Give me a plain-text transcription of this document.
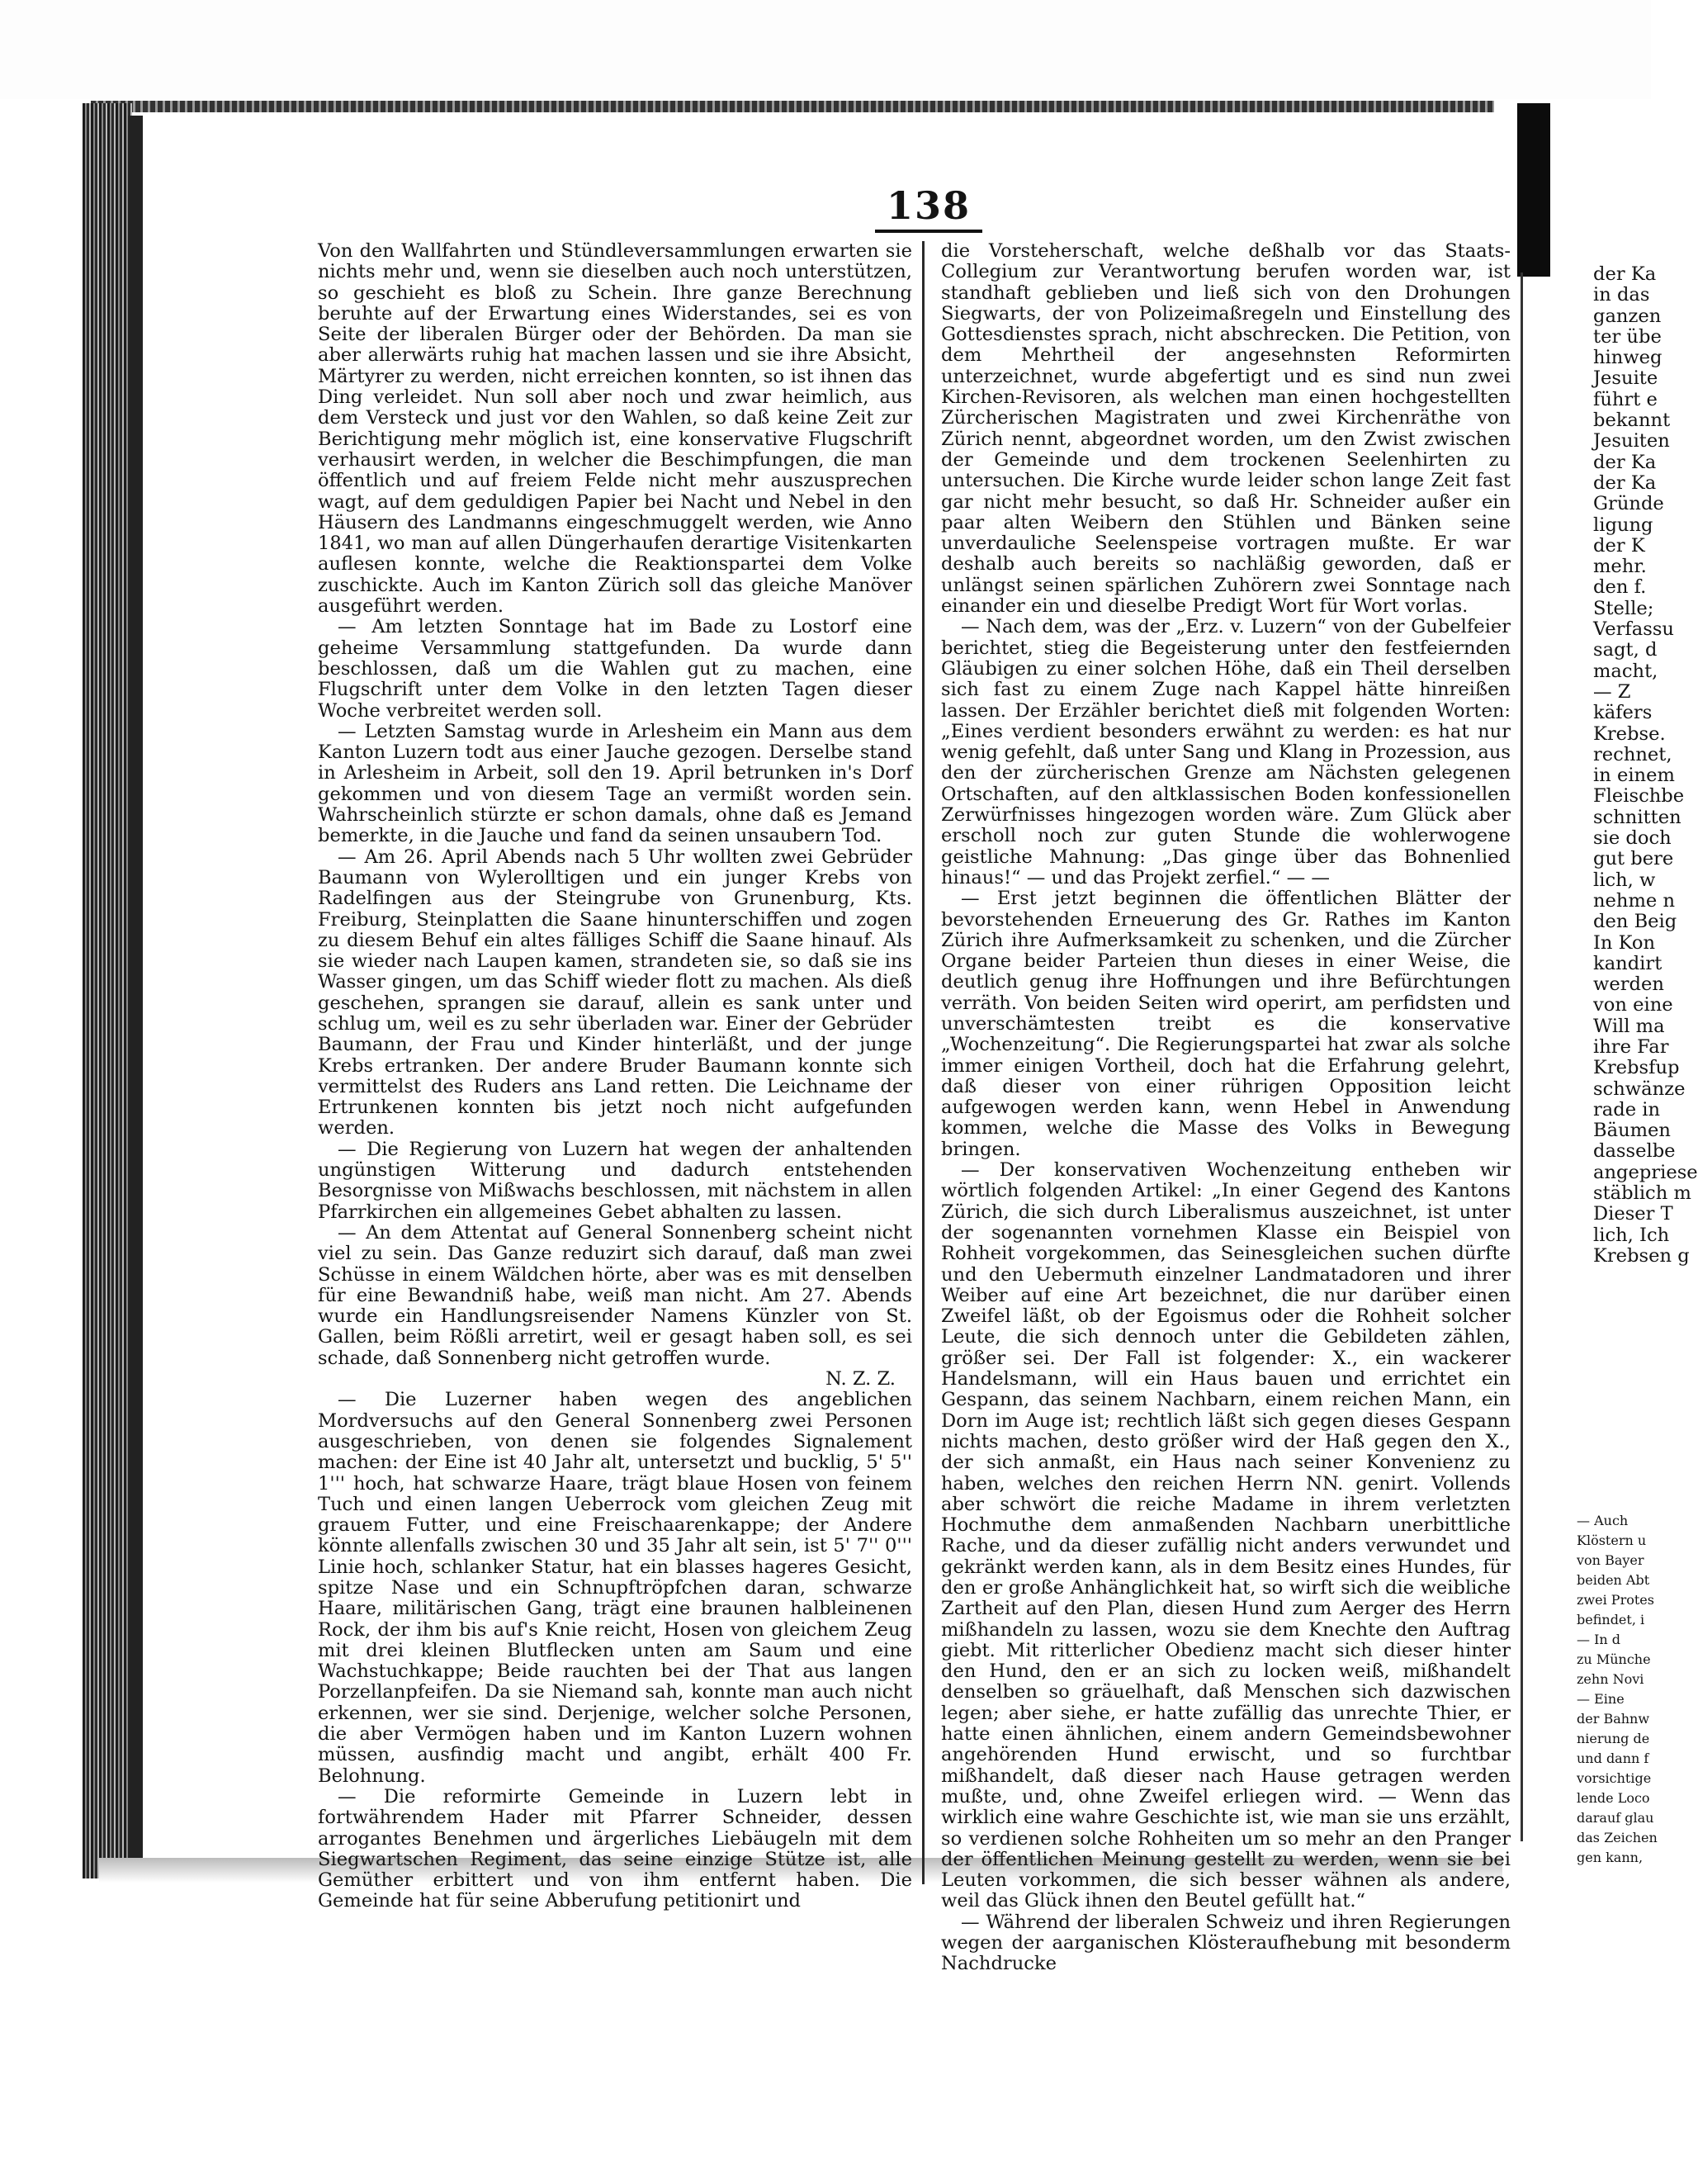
138

Von den Wallfahrten und Stündleversammlungen erwarten sie nichts mehr und, wenn sie dieselben auch noch unterstützen, so geschieht es bloß zu Schein. Ihre ganze Berechnung beruhte auf der Erwartung eines Widerstandes, sei es von Seite der liberalen Bürger oder der Behörden. Da man sie aber allerwärts ruhig hat machen lassen und sie ihre Absicht, Märtyrer zu werden, nicht erreichen konnten, so ist ihnen das Ding verleidet. Nun soll aber noch und zwar heimlich, aus dem Versteck und just vor den Wahlen, so daß keine Zeit zur Berichtigung mehr möglich ist, eine konservative Flugschrift verhausirt werden, in welcher die Beschimpfungen, die man öffentlich und auf freiem Felde nicht mehr auszusprechen wagt, auf dem geduldigen Papier bei Nacht und Nebel in den Häusern des Landmanns eingeschmuggelt werden, wie Anno 1841, wo man auf allen Düngerhaufen derartige Visitenkarten auflesen konnte, welche die Reaktionspartei dem Volke zuschickte. Auch im Kanton Zürich soll das gleiche Manöver ausgeführt werden.

— Am letzten Sonntage hat im Bade zu Lostorf eine geheime Versammlung stattgefunden. Da wurde dann beschlossen, daß um die Wahlen gut zu machen, eine Flugschrift unter dem Volke in den letzten Tagen dieser Woche verbreitet werden soll.

— Letzten Samstag wurde in Arlesheim ein Mann aus dem Kanton Luzern todt aus einer Jauche gezogen. Derselbe stand in Arlesheim in Arbeit, soll den 19. April betrunken in's Dorf gekommen und von diesem Tage an vermißt worden sein. Wahrscheinlich stürzte er schon damals, ohne daß es Jemand bemerkte, in die Jauche und fand da seinen unsaubern Tod.

— Am 26. April Abends nach 5 Uhr wollten zwei Gebrüder Baumann von Wylerolltigen und ein junger Krebs von Radelfingen aus der Steingrube von Grunenburg, Kts. Freiburg, Steinplatten die Saane hinunterschiffen und zogen zu diesem Behuf ein altes fälliges Schiff die Saane hinauf. Als sie wieder nach Laupen kamen, strandeten sie, so daß sie ins Wasser gingen, um das Schiff wieder flott zu machen. Als dieß geschehen, sprangen sie darauf, allein es sank unter und schlug um, weil es zu sehr überladen war. Einer der Gebrüder Baumann, der Frau und Kinder hinterläßt, und der junge Krebs ertranken. Der andere Bruder Baumann konnte sich vermittelst des Ruders ans Land retten. Die Leichname der Ertrunkenen konnten bis jetzt noch nicht aufgefunden werden.

— Die Regierung von Luzern hat wegen der anhaltenden ungünstigen Witterung und dadurch entstehenden Besorgnisse von Mißwachs beschlossen, mit nächstem in allen Pfarrkirchen ein allgemeines Gebet abhalten zu lassen.

— An dem Attentat auf General Sonnenberg scheint nicht viel zu sein. Das Ganze reduzirt sich darauf, daß man zwei Schüsse in einem Wäldchen hörte, aber was es mit denselben für eine Bewandniß habe, weiß man nicht. Am 27. Abends wurde ein Handlungsreisender Namens Künzler von St. Gallen, beim Rößli arretirt, weil er gesagt haben soll, es sei schade, daß Sonnenberg nicht getroffen wurde.

N. Z. Z.

— Die Luzerner haben wegen des angeblichen Mordversuchs auf den General Sonnenberg zwei Personen ausgeschrieben, von denen sie folgendes Signalement machen: der Eine ist 40 Jahr alt, untersetzt und bucklig, 5' 5'' 1''' hoch, hat schwarze Haare, trägt blaue Hosen von feinem Tuch und einen langen Ueberrock vom gleichen Zeug mit grauem Futter, und eine Freischaarenkappe; der Andere könnte allenfalls zwischen 30 und 35 Jahr alt sein, ist 5' 7'' 0''' Linie hoch, schlanker Statur, hat ein blasses hageres Gesicht, spitze Nase und ein Schnupftröpfchen daran, schwarze Haare, militärischen Gang, trägt eine braunen halbleinenen Rock, der ihm bis auf's Knie reicht, Hosen von gleichem Zeug mit drei kleinen Blutflecken unten am Saum und eine Wachstuchkappe; Beide rauchten bei der That aus langen Porzellanpfeifen. Da sie Niemand sah, konnte man auch nicht erkennen, wer sie sind. Derjenige, welcher solche Personen, die aber Vermögen haben und im Kanton Luzern wohnen müssen, ausfindig macht und angibt, erhält 400 Fr. Belohnung.

— Die reformirte Gemeinde in Luzern lebt in fortwährendem Hader mit Pfarrer Schneider, dessen arrogantes Benehmen und ärgerliches Liebäugeln mit dem Siegwartschen Regiment, das seine einzige Stütze ist, alle Gemüther erbittert und von ihm entfernt haben. Die Gemeinde hat für seine Abberufung petitionirt und

die Vorsteherschaft, welche deßhalb vor das Staats-Collegium zur Verantwortung berufen worden war, ist standhaft geblieben und ließ sich von den Drohungen Siegwarts, der von Polizeimaßregeln und Einstellung des Gottesdienstes sprach, nicht abschrecken. Die Petition, von dem Mehrtheil der angesehnsten Reformirten unterzeichnet, wurde abgefertigt und es sind nun zwei Kirchen-Revisoren, als welchen man einen hochgestellten Zürcherischen Magistraten und zwei Kirchenräthe von Zürich nennt, abgeordnet worden, um den Zwist zwischen der Gemeinde und dem trockenen Seelenhirten zu untersuchen. Die Kirche wurde leider schon lange Zeit fast gar nicht mehr besucht, so daß Hr. Schneider außer ein paar alten Weibern den Stühlen und Bänken seine unverdauliche Seelenspeise vortragen mußte. Er war deshalb auch bereits so nachläßig geworden, daß er unlängst seinen spärlichen Zuhörern zwei Sonntage nach einander ein und dieselbe Predigt Wort für Wort vorlas.

— Nach dem, was der „Erz. v. Luzern“ von der Gubelfeier berichtet, stieg die Begeisterung unter den festfeiernden Gläubigen zu einer solchen Höhe, daß ein Theil derselben sich fast zu einem Zuge nach Kappel hätte hinreißen lassen. Der Erzähler berichtet dieß mit folgenden Worten: „Eines verdient besonders erwähnt zu werden: es hat nur wenig gefehlt, daß unter Sang und Klang in Prozession, aus den der zürcherischen Grenze am Nächsten gelegenen Ortschaften, auf den altklassischen Boden konfessionellen Zerwürfnisses hingezogen worden wäre. Zum Glück aber erscholl noch zur guten Stunde die wohlerwogene geistliche Mahnung: „Das ginge über das Bohnenlied hinaus!“ — und das Projekt zerfiel.“ — —

— Erst jetzt beginnen die öffentlichen Blätter der bevorstehenden Erneuerung des Gr. Rathes im Kanton Zürich ihre Aufmerksamkeit zu schenken, und die Zürcher Organe beider Parteien thun dieses in einer Weise, die deutlich genug ihre Hoffnungen und ihre Befürchtungen verräth. Von beiden Seiten wird operirt, am perfidsten und unverschämtesten treibt es die konservative „Wochenzeitung“. Die Regierungspartei hat zwar als solche immer einigen Vortheil, doch hat die Erfahrung gelehrt, daß dieser von einer rührigen Opposition leicht aufgewogen werden kann, wenn Hebel in Anwendung kommen, welche die Masse des Volks in Bewegung bringen.

— Der konservativen Wochenzeitung entheben wir wörtlich folgenden Artikel: „In einer Gegend des Kantons Zürich, die sich durch Liberalismus auszeichnet, ist unter der sogenannten vornehmen Klasse ein Beispiel von Rohheit vorgekommen, das Seinesgleichen suchen dürfte und den Uebermuth einzelner Landmatadoren und ihrer Weiber auf eine Art bezeichnet, die nur darüber einen Zweifel läßt, ob der Egoismus oder die Rohheit solcher Leute, die sich dennoch unter die Gebildeten zählen, größer sei. Der Fall ist folgender: X., ein wackerer Handelsmann, will ein Haus bauen und errichtet ein Gespann, das seinem Nachbarn, einem reichen Mann, ein Dorn im Auge ist; rechtlich läßt sich gegen dieses Gespann nichts machen, desto größer wird der Haß gegen den X., der sich anmaßt, ein Haus nach seiner Konvenienz zu haben, welches den reichen Herrn NN. genirt. Vollends aber schwört die reiche Madame in ihrem verletzten Hochmuthe dem anmaßenden Nachbarn unerbittliche Rache, und da dieser zufällig nicht anders verwundet und gekränkt werden kann, als in dem Besitz eines Hundes, für den er große Anhänglichkeit hat, so wirft sich die weibliche Zartheit auf den Plan, diesen Hund zum Aerger des Herrn mißhandeln zu lassen, wozu sie dem Knechte den Auftrag giebt. Mit ritterlicher Obedienz macht sich dieser hinter den Hund, den er an sich zu locken weiß, mißhandelt denselben so gräuelhaft, daß Menschen sich dazwischen legen; aber siehe, er hatte zufällig das unrechte Thier, er hatte einen ähnlichen, einem andern Gemeindsbewohner angehörenden Hund erwischt, und so furchtbar mißhandelt, daß dieser nach Hause getragen werden mußte, und, ohne Zweifel erliegen wird. — Wenn das wirklich eine wahre Geschichte ist, wie man sie uns erzählt, so verdienen solche Rohheiten um so mehr an den Pranger der öffentlichen Meinung gestellt zu werden, wenn sie bei Leuten vorkommen, die sich besser wähnen als andere, weil das Glück ihnen den Beutel gefüllt hat.“

— Während der liberalen Schweiz und ihren Regierungen wegen der aarganischen Klösteraufhebung mit besonderm Nachdrucke

der Ka
in das
ganzen
ter übe
hinweg
Jesuite
führt e
bekannt
Jesuiten
der Ka
der Ka
Gründe
ligung
der K
mehr.
den f.
Stelle;
Verfassu
sagt, d
macht,
— Z
käfers
Krebse.
rechnet,
in einem
Fleischbe
schnitten
sie doch
gut bere
lich, w
nehme n
den Beig
In Kon
kandirt
werden
von eine
Will ma
ihre Far
Krebsfup
schwänze
rade in
Bäumen
dasselbe
angepriese
stäblich m
Dieser T
lich, Ich
Krebsen g
— Auch
Klöstern u
von Bayer
beiden Abt
zwei Protes
befindet, i
— In d
zu Münche
zehn Novi
— Eine
der Bahnw
nierung de
und dann f
vorsichtige
lende Loco
darauf glau
das Zeichen
gen kann,
